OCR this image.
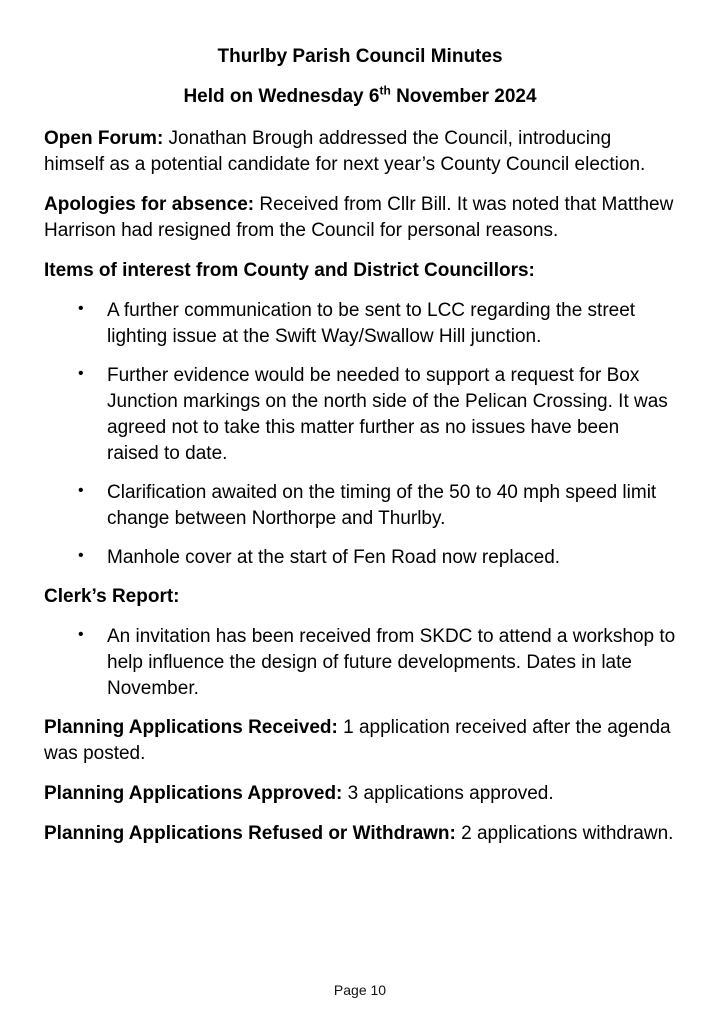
Thurlby Parish Council Minutes
Held on Wednesday 6th November 2024

Open Forum: Jonathan Brough addressed the Council, introducing himself as a potential candidate for next year’s County Council election.

Apologies for absence: Received from Cllr Bill. It was noted that Matthew Harrison had resigned from the Council for personal reasons.

Items of interest from County and District Councillors:

• A further communication to be sent to LCC regarding the street lighting issue at the Swift Way/Swallow Hill junction.
• Further evidence would be needed to support a request for Box Junction markings on the north side of the Pelican Crossing. It was agreed not to take this matter further as no issues have been raised to date.
• Clarification awaited on the timing of the 50 to 40 mph speed limit change between Northorpe and Thurlby.
• Manhole cover at the start of Fen Road now replaced.

Clerk’s Report:

• An invitation has been received from SKDC to attend a workshop to help influence the design of future developments. Dates in late November.

Planning Applications Received: 1 application received after the agenda was posted.

Planning Applications Approved: 3 applications approved.

Planning Applications Refused or Withdrawn: 2 applications withdrawn.

Page 10
